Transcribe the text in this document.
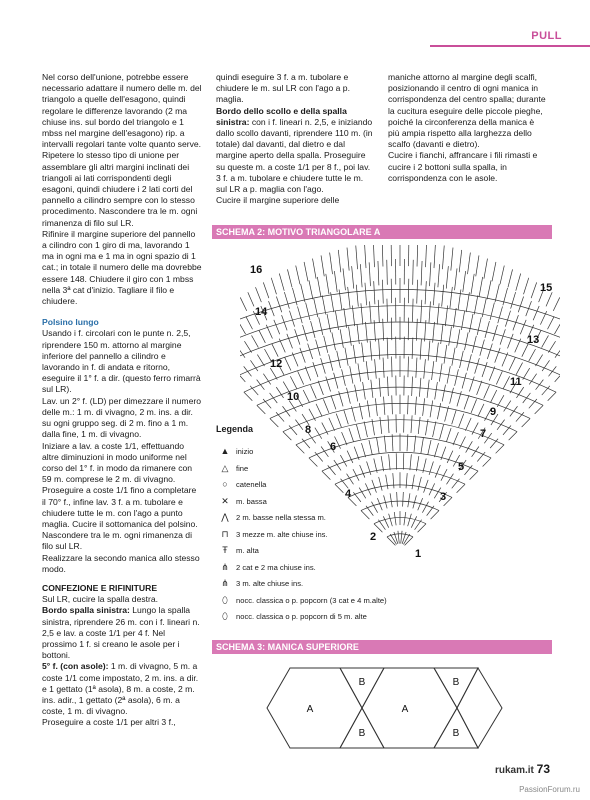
PULL

Nel corso dell'unione, potrebbe essere necessario adattare il numero delle m. del triangolo a quelle dell'esagono, quindi regolare le differenze lavorando (2 ma chiuse ins. sul bordo del triangolo e 1 mbss nel margine dell'esagono) rip. a intervalli regolari tante volte quanto serve. Ripetere lo stesso tipo di unione per assemblare gli altri margini inclinati dei triangoli ai lati corrispondenti degli esagoni, quindi chiudere i 2 lati corti del pannello a cilindro sempre con lo stesso procedimento. Nascondere tra le m. ogni rimanenza di filo sul LR.

Rifinire il margine superiore del pannello a cilindro con 1 giro di ma, lavorando 1 ma in ogni ma e 1 ma in ogni spazio di 1 cat.; in totale il numero delle ma dovrebbe essere 148. Chiudere il giro con 1 mbss nella 3ª cat d'inizio. Tagliare il filo e chiudere.

Polsino lungo

Usando i f. circolari con le punte n. 2,5, riprendere 150 m. attorno al margine inferiore del pannello a cilindro e lavorando in f. di andata e ritorno, eseguire il 1° f. a dir. (questo ferro rimarrà sul LR).

Lav. un 2° f. (LD) per dimezzare il numero delle m.: 1 m. di vivagno, 2 m. ins. a dir. su ogni gruppo seg. di 2 m. fino a 1 m. dalla fine, 1 m. di vivagno.

Iniziare a lav. a coste 1/1, effettuando altre diminuzioni in modo uniforme nel corso del 1° f. in modo da rimanere con 59 m. comprese le 2 m. di vivagno. Proseguire a coste 1/1 fino a completare il 70° f., infine lav. 3 f. a m. tubolare e chiudere tutte le m. con l'ago a punto maglia. Cucire il sottomanica del polsino.

Nascondere tra le m. ogni rimanenza di filo sul LR.

Realizzare la secondo manica allo stesso modo.

CONFEZIONE E RIFINITURE

Sul LR, cucire la spalla destra.

Bordo spalla sinistra: Lungo la spalla sinistra, riprendere 26 m. con i f. lineari n. 2,5 e lav. a coste 1/1 per 4 f. Nel prossimo 1 f. si creano le asole per i bottoni.

5° f. (con asole): 1 m. di vivagno, 5 m. a coste 1/1 come impostato, 2 m. ins. a dir. e 1 gettato (1ª asola), 8 m. a coste, 2 m. ins. adir., 1 gettato (2ª asola), 6 m. a coste, 1 m. di vivagno.

Proseguire a coste 1/1 per altri 3 f.,

quindi eseguire 3 f. a m. tubolare e chiudere le m. sul LR con l'ago a p. maglia.

Bordo dello scollo e della spalla sinistra: con i f. lineari n. 2,5, e iniziando dallo scollo davanti, riprendere 110 m. (in totale) dal davanti, dal dietro e dal margine aperto della spalla. Proseguire su queste m. a coste 1/1 per 8 f., poi lav. 3 f. a m. tubolare e chiudere tutte le m. sul LR a p. maglia con l'ago.

Cucire il margine superiore delle

maniche attorno al margine degli scalfi, posizionando il centro di ogni manica in corrispondenza del centro spalla; durante la cucitura eseguire delle piccole pieghe, poiché la circonferenza della manica è più ampia rispetto alla larghezza dello scalfo (davanti e dietro).

Cucire i fianchi, affrancare i fili rimasti e cucire i 2 bottoni sulla spalla, in corrispondenza con le asole.

SCHEMA 2: MOTIVO TRIANGOLARE A
16
15
14
13
12
11
10
9
8	7
6
5
4	3
2
1
Legenda
▲ inizio
△ fine
○	catenella
✕ m. bassa
⋀ 2 m. basse nella stessa m.
⊓ 3 mezze m. alte chiuse ins.
Ŧ	m. alta
⋔ 2 cat e 2 ma chiuse ins.
⋔ 3 m. alte chiuse ins.
⬯	nocc. classica o p. popcorn (3 cat e 4 m.alte)
⬯	nocc. classica o p. popcorn di 5 m. alte
SCHEMA 3: MANICA SUPERIORE
A	A
B
B
B
B
rukam.it 73
PassionForum.ru
